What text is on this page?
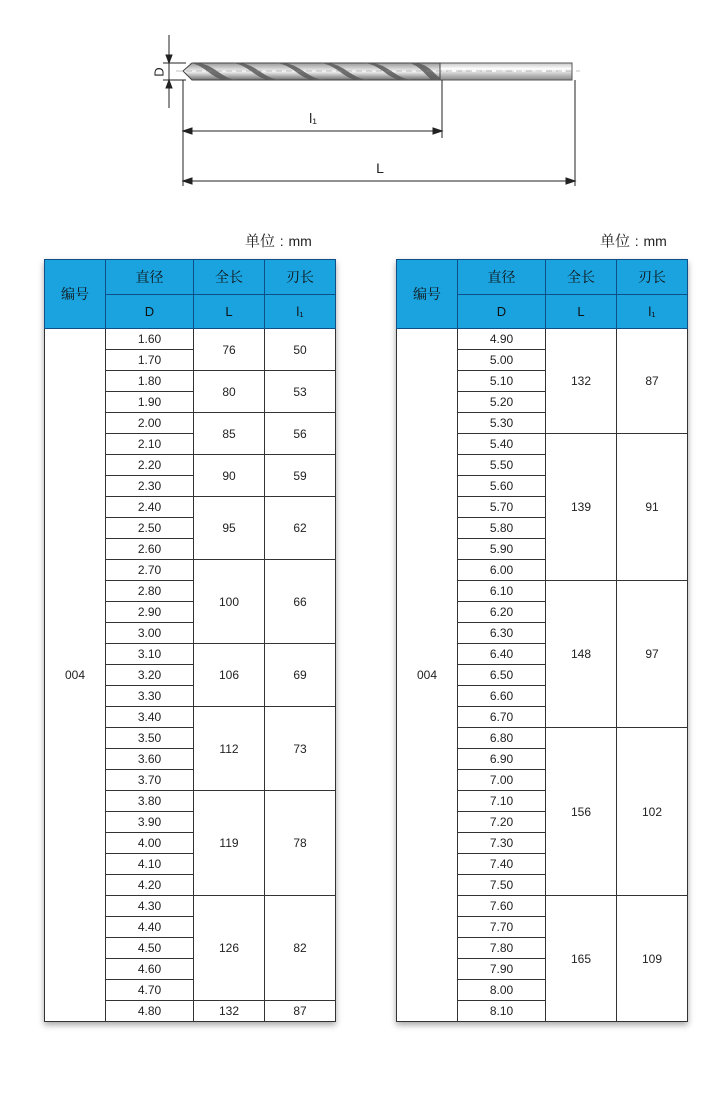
D
l₁
L
单位 : mm	单位 : mm
编号	直径	全长	刃长
	D	L	l₁
004	1.60	76	50
	1.70		
	1.80	80	53
	1.90		
	2.00	85	56
	2.10		
	2.20	90	59
	2.30		
	2.40	95	62
	2.50		
	2.60		
	2.70	100	66
	2.80		
	2.90		
	3.00		
	3.10	106	69
	3.20		
	3.30		
	3.40	112	73
	3.50		
	3.60		
	3.70		
	3.80	119	78
	3.90		
	4.00		
	4.10		
	4.20		
	4.30	126	82
	4.40		
	4.50		
	4.60		
	4.70		
	4.80	132	87
编号	直径	全长	刃长
	D	L	l₁
004	4.90	132	87
	5.00		
	5.10		
	5.20		
	5.30		
	5.40	139	91
	5.50		
	5.60		
	5.70		
	5.80		
	5.90		
	6.00		
	6.10	148	97
	6.20		
	6.30		
	6.40		
	6.50		
	6.60		
	6.70		
	6.80	156	102
	6.90		
	7.00		
	7.10		
	7.20		
	7.30		
	7.40		
	7.50		
	7.60	165	109
	7.70		
	7.80		
	7.90		
	8.00		
	8.10		
